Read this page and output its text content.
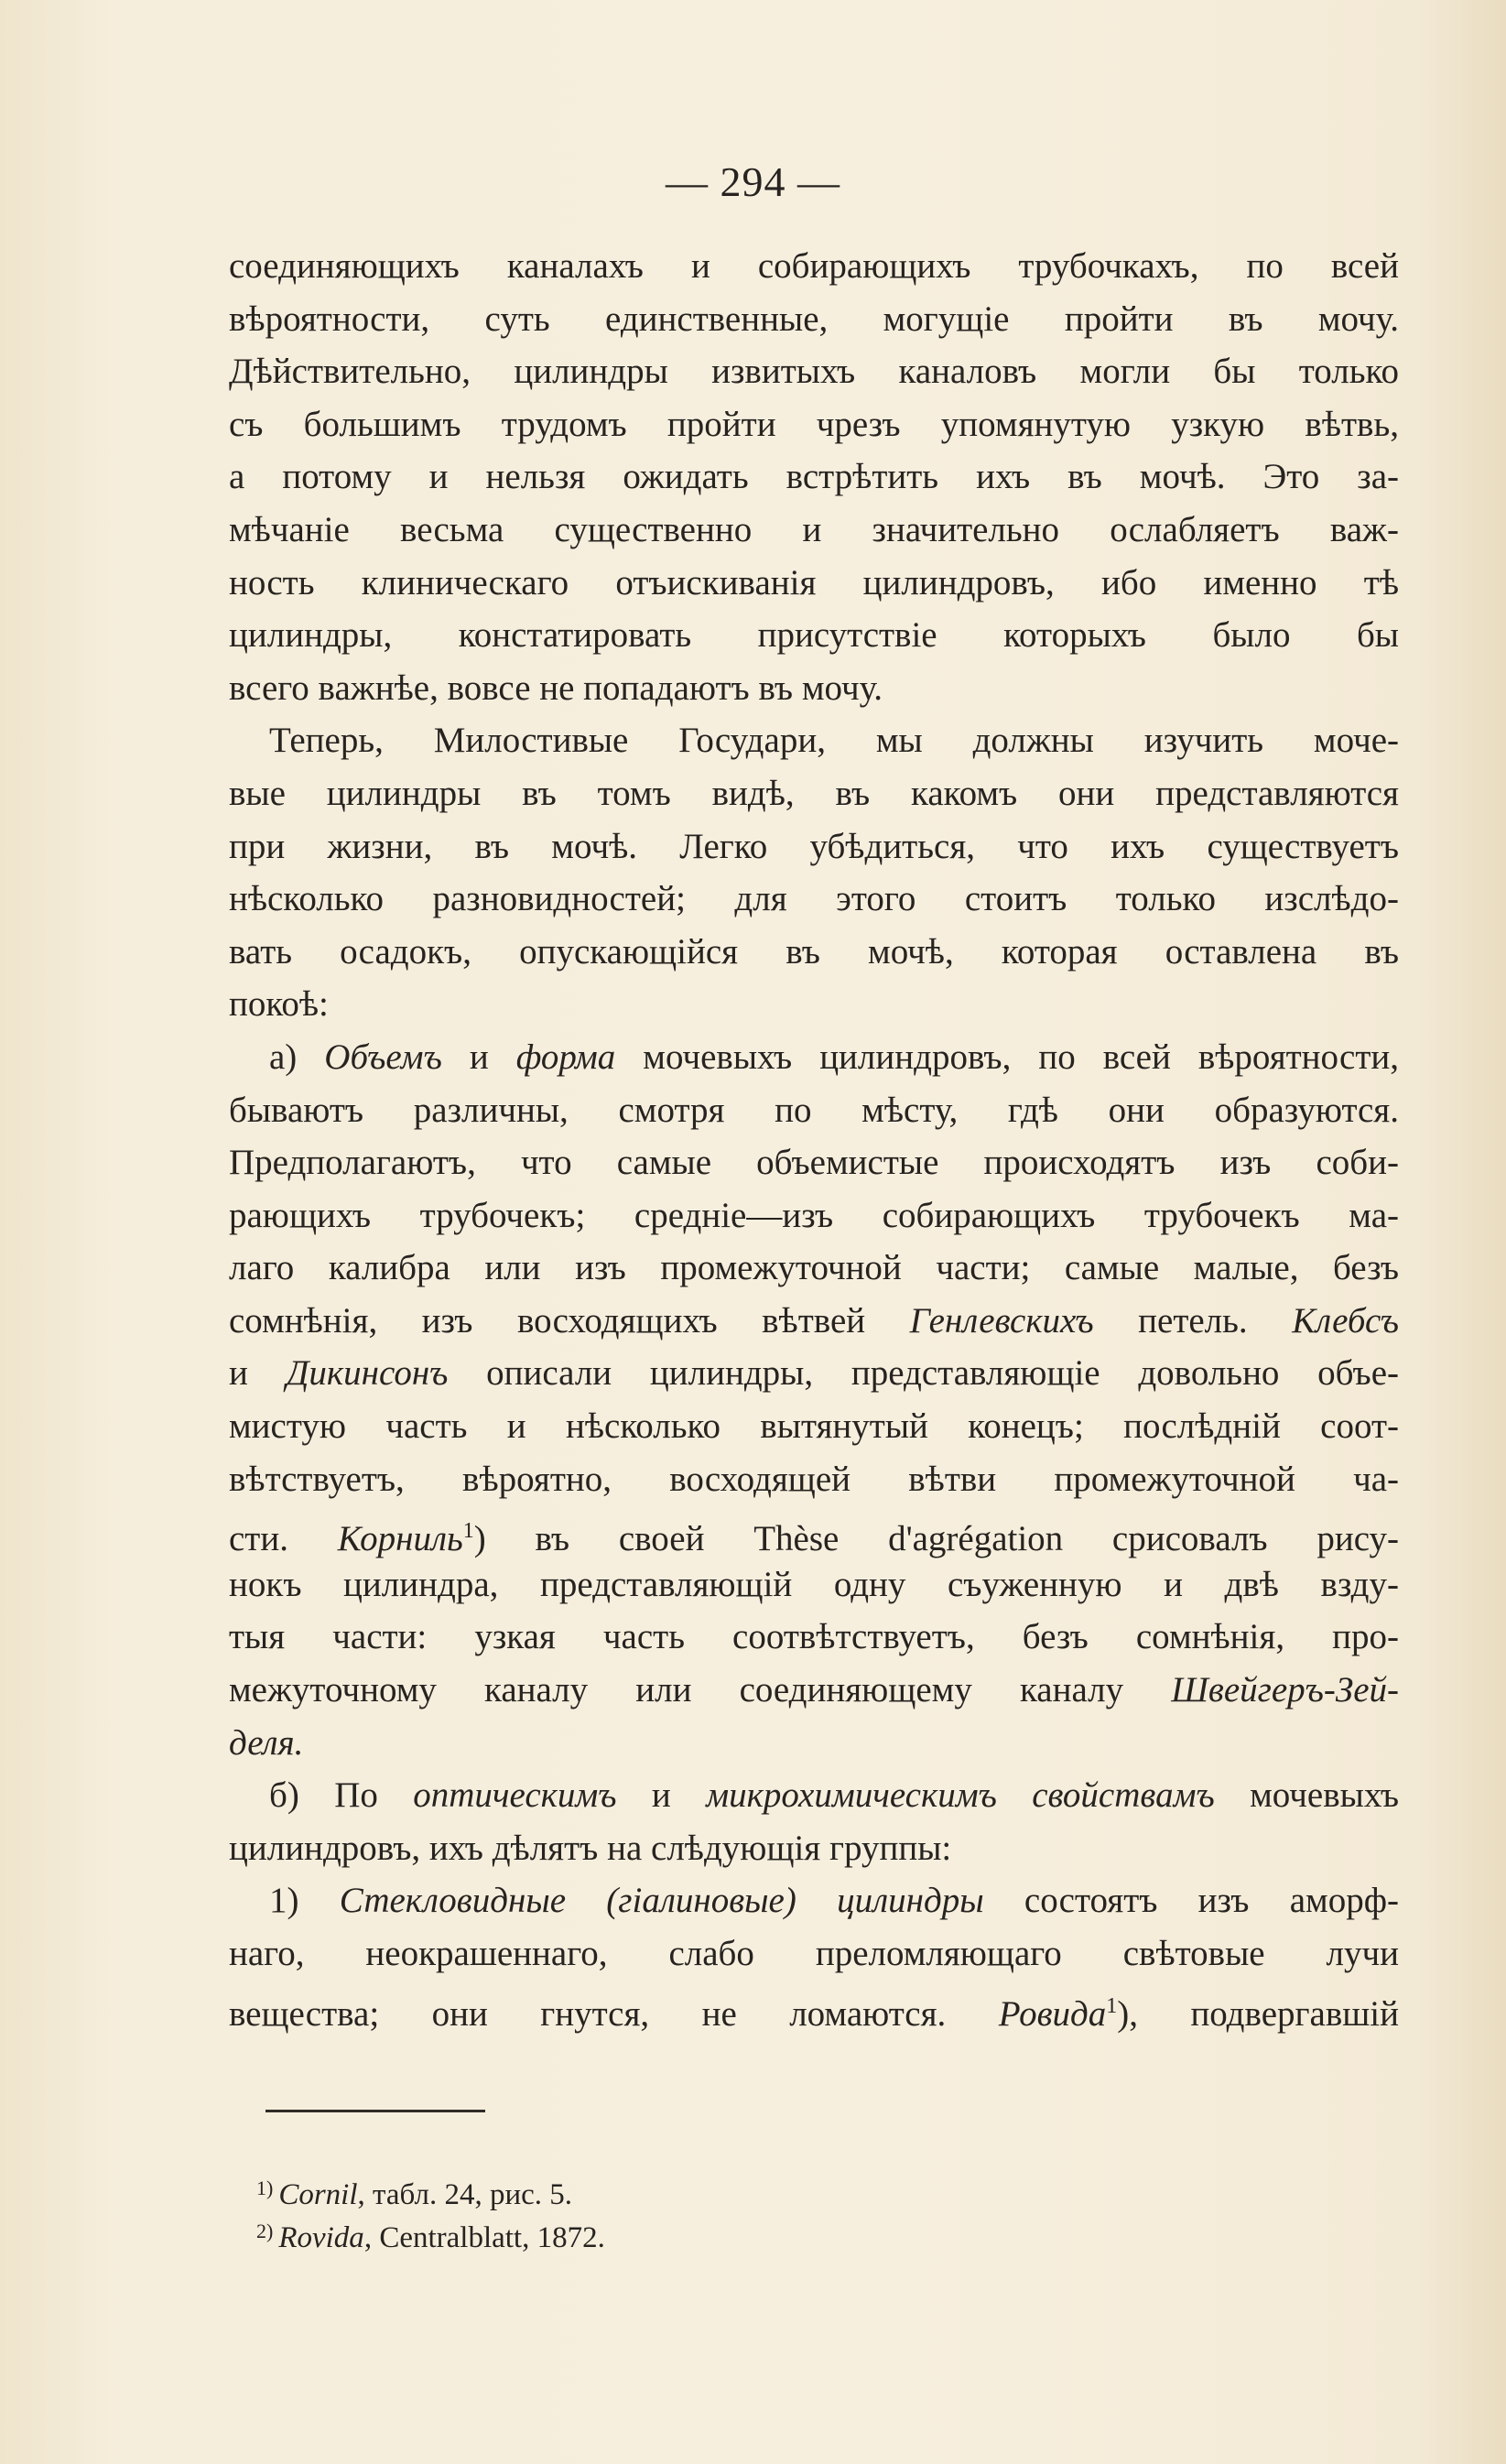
— 294 —
соединяющихъ каналахъ и собирающихъ трубочкахъ, по всей
вѣроятности, суть единственные, могущіе пройти въ мочу.
Дѣйствительно, цилиндры извитыхъ каналовъ могли бы только
съ большимъ трудомъ пройти чрезъ упомянутую узкую вѣтвь,
а потому и нельзя ожидать встрѣтить ихъ въ мочѣ. Это за-
мѣчаніе весьма существенно и значительно ослабляетъ важ-
ность клиническаго отъискиванія цилиндровъ, ибо именно тѣ
цилиндры, констатировать присутствіе которыхъ было бы
всего важнѣе, вовсе не попадаютъ въ мочу.
Теперь, Милостивые Государи, мы должны изучить моче-
вые цилиндры въ томъ видѣ, въ какомъ они представляются
при жизни, въ мочѣ. Легко убѣдиться, что ихъ существуетъ
нѣсколько разновидностей; для этого стоитъ только изслѣдо-
вать осадокъ, опускающійся въ мочѣ, которая оставлена въ
покоѣ:
а) Объемъ и форма мочевыхъ цилиндровъ, по всей вѣроятности,
бываютъ различны, смотря по мѣсту, гдѣ они образуются.
Предполагаютъ, что самые объемистые происходятъ изъ соби-
рающихъ трубочекъ; средніе—изъ собирающихъ трубочекъ ма-
лаго калибра или изъ промежуточной части; самые малые, безъ
сомнѣнія, изъ восходящихъ вѣтвей Генлевскихъ петель. Клебсъ
и Дикинсонъ описали цилиндры, представляющіе довольно объе-
мистую часть и нѣсколько вытянутый конецъ; послѣдній соот-
вѣтствуетъ, вѣроятно, восходящей вѣтви промежуточной ча-
сти. Корниль$^1$) въ своей Thèse d'agrégation срисовалъ рису-
нокъ цилиндра, представляющій одну съуженную и двѣ взду-
тыя части: узкая часть соотвѣтствуетъ, безъ сомнѣнія, про-
межуточному каналу или соединяющему каналу Швейгеръ-Зей-
деля.
б) По оптическимъ и микрохимическимъ свойствамъ мочевыхъ
цилиндровъ, ихъ дѣлятъ на слѣдующія группы:
1) Стекловидные (гіалиновые) цилиндры состоятъ изъ аморф-
наго, неокрашеннаго, слабо преломляющаго свѣтовые лучи
вещества; они гнутся, не ломаются. Ровида$^1$), подвергавшій
$^{1)}$ Cornil, табл. 24, рис. 5.
$^{2)}$ Rovida, Centralblatt, 1872.
